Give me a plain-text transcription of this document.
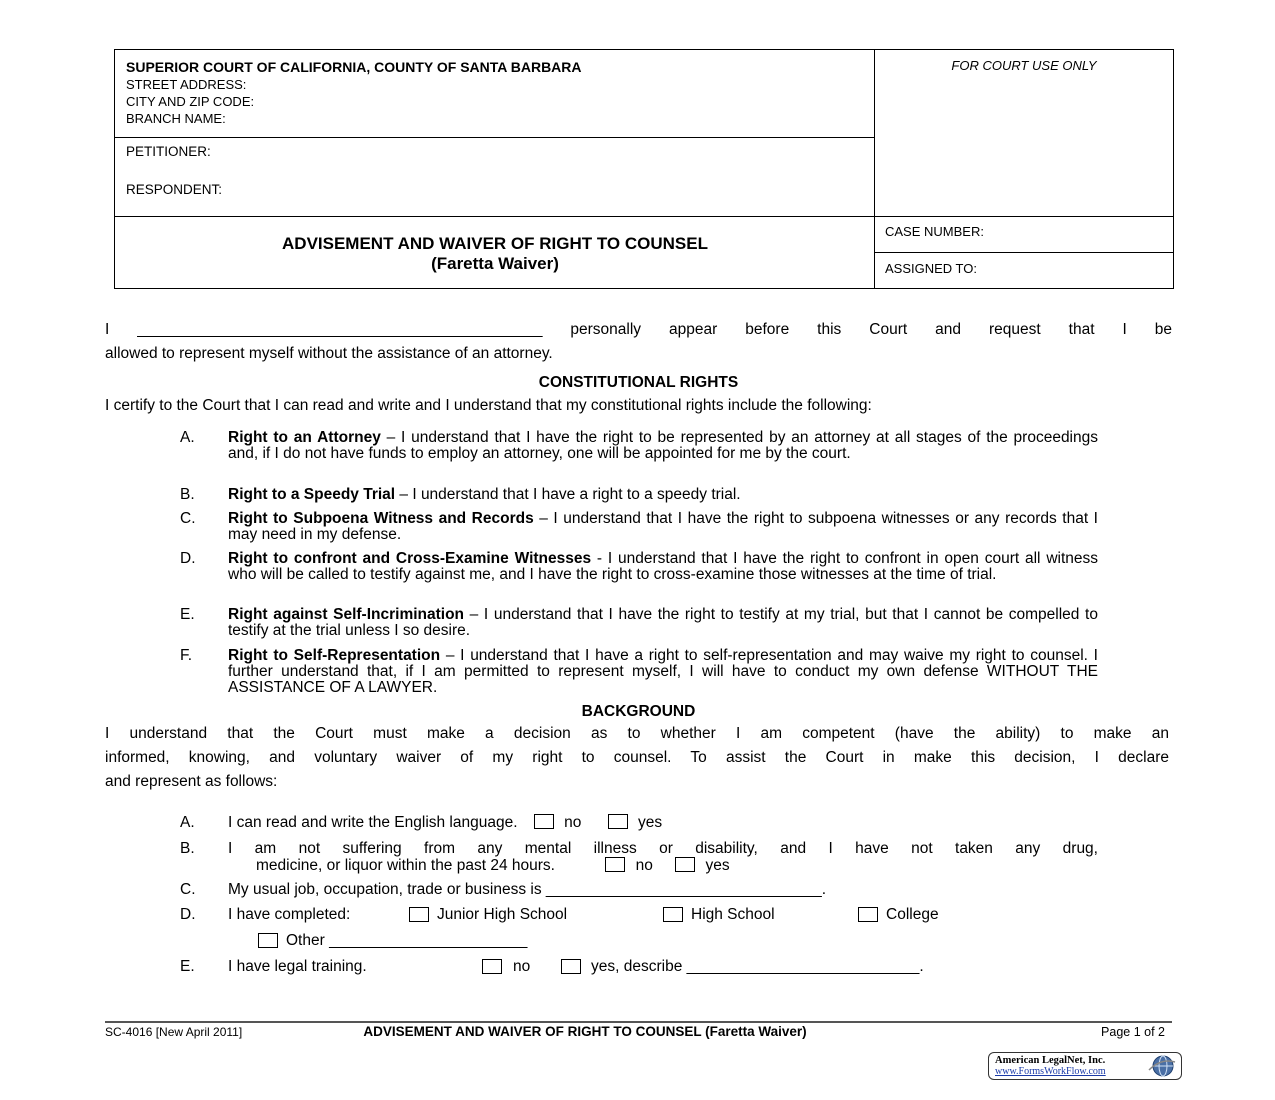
SUPERIOR COURT OF CALIFORNIA, COUNTY OF SANTA BARBARA
STREET ADDRESS:
CITY AND ZIP CODE:
BRANCH NAME:
FOR COURT USE ONLY
PETITIONER:
RESPONDENT:
ADVISEMENT AND WAIVER OF RIGHT TO COUNSEL
(Faretta Waiver)
CASE NUMBER:
ASSIGNED TO:
I _______________________________________________ personally appear before this Court and request that I be
allowed to represent myself without the assistance of an attorney.
CONSTITUTIONAL RIGHTS
I certify to the Court that I can read and write and I understand that my constitutional rights include the following:
A. Right to an Attorney – I understand that I have the right to be represented by an attorney at all stages of the proceedings and, if I do not have funds to employ an attorney, one will be appointed for me by the court.
B. Right to a Speedy Trial – I understand that I have a right to a speedy trial.
C. Right to Subpoena Witness and Records – I understand that I have the right to subpoena witnesses or any records that I may need in my defense.
D. Right to confront and Cross-Examine Witnesses - I understand that I have the right to confront in open court all witness who will be called to testify against me, and I have the right to cross-examine those witnesses at the time of trial.
E. Right against Self-Incrimination – I understand that I have the right to testify at my trial, but that I cannot be compelled to testify at the trial unless I so desire.
F. Right to Self-Representation – I understand that I have a right to self-representation and may waive my right to counsel. I further understand that, if I am permitted to represent myself, I will have to conduct my own defense WITHOUT THE ASSISTANCE OF A LAWYER.
BACKGROUND
I understand that the Court must make a decision as to whether I am competent (have the ability) to make an
informed, knowing, and voluntary waiver of my right to counsel. To assist the Court in make this decision, I declare
and represent as follows:
A. I can read and write the English language.	no	yes
B. I am not suffering from any mental illness or disability, and I have not taken any drug,
medicine, or liquor within the past 24 hours.	no	yes
C. My usual job, occupation, trade or business is ________________________________.
D. I have completed:	Junior High School	High School	College
Other _______________________
E. I have legal training.	no	yes, describe ___________________________.
SC-4016 [New April 2011]	ADVISEMENT AND WAIVER OF RIGHT TO COUNSEL (Faretta Waiver)	Page 1 of 2
American LegalNet, Inc.
www.FormsWorkFlow.com
